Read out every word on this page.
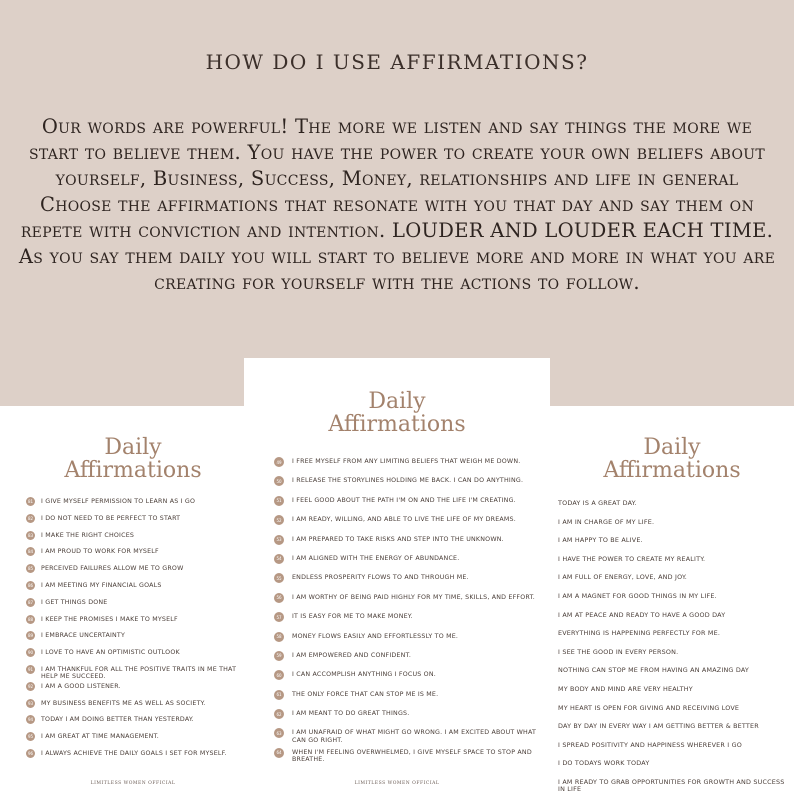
HOW DO I USE AFFIRMATIONS?
Our words are powerful! The more we listen and say things the more we start to believe them. You have the power to create your own beliefs about yourself, Business, Success, Money, relationships and life in general Choose the affirmations that resonate with you that day and say them on repete with conviction and intention. LOUDER AND LOUDER EACH TIME. As you say them daily you will start to believe more and more in what you are creating for yourself with the actions to follow.
Daily
Affirmations
81	I GIVE MYSELF PERMISSION TO LEARN AS I GO
82	I DO NOT NEED TO BE PERFECT TO START
83	I MAKE THE RIGHT CHOICES
84	I AM PROUD TO WORK FOR MYSELF
85	PERCEIVED FAILURES ALLOW ME TO GROW
86	I AM MEETING MY FINANCIAL GOALS
87	I GET THINGS DONE
88	I KEEP THE PROMISES I MAKE TO MYSELF
89	I EMBRACE UNCERTAINTY
90	I LOVE TO HAVE AN OPTIMISTIC OUTLOOK
91	I AM THANKFUL FOR ALL THE POSITIVE TRAITS IN ME THAT HELP ME SUCCEED.
92	I AM A GOOD LISTENER.
93	MY BUSINESS BENEFITS ME AS WELL AS SOCIETY.
94	TODAY I AM DOING BETTER THAN YESTERDAY.
95	I AM GREAT AT TIME MANAGEMENT.
96	I ALWAYS ACHIEVE THE DAILY GOALS I SET FOR MYSELF.
LIMITLESS WOMEN OFFICIAL
Daily
Affirmations
49	I FREE MYSELF FROM ANY LIMITING BELIEFS THAT WEIGH ME DOWN.
50	I RELEASE THE STORYLINES HOLDING ME BACK. I CAN DO ANYTHING.
51	I FEEL GOOD ABOUT THE PATH I'M ON AND THE LIFE I'M CREATING.
52	I AM READY, WILLING, AND ABLE TO LIVE THE LIFE OF MY DREAMS.
53	I AM PREPARED TO TAKE RISKS AND STEP INTO THE UNKNOWN.
54	I AM ALIGNED WITH THE ENERGY OF ABUNDANCE.
55	ENDLESS PROSPERITY FLOWS TO AND THROUGH ME.
56	I AM WORTHY OF BEING PAID HIGHLY FOR MY TIME, SKILLS, AND EFFORT.
57	IT IS EASY FOR ME TO MAKE MONEY.
58	MONEY FLOWS EASILY AND EFFORTLESSLY TO ME.
59	I AM EMPOWERED AND CONFIDENT.
60	I CAN ACCOMPLISH ANYTHING I FOCUS ON.
61	THE ONLY FORCE THAT CAN STOP ME IS ME.
62	I AM MEANT TO DO GREAT THINGS.
63	I AM UNAFRAID OF WHAT MIGHT GO WRONG. I AM EXCITED ABOUT WHAT CAN GO RIGHT.
64	WHEN I'M FEELING OVERWHELMED, I GIVE MYSELF SPACE TO STOP AND BREATHE.
LIMITLESS WOMEN OFFICIAL
Daily
Affirmations
TODAY IS A GREAT DAY.
I AM IN CHARGE OF MY LIFE.
I AM HAPPY TO BE ALIVE.
I HAVE THE POWER TO CREATE MY REALITY.
I AM FULL OF ENERGY, LOVE, AND JOY.
I AM A MAGNET FOR GOOD THINGS IN MY LIFE.
I AM AT PEACE AND READY TO HAVE A GOOD DAY
EVERYTHING IS HAPPENING PERFECTLY FOR ME.
I SEE THE GOOD IN EVERY PERSON.
NOTHING CAN STOP ME FROM HAVING AN AMAZING DAY
MY BODY AND MIND ARE VERY HEALTHY
MY HEART IS OPEN FOR GIVING AND RECEIVING LOVE
DAY BY DAY IN EVERY WAY I AM GETTING BETTER & BETTER
I SPREAD POSITIVITY AND HAPPINESS WHEREVER I GO
I DO TODAYS WORK TODAY
I AM READY TO GRAB OPPORTUNITIES FOR GROWTH AND SUCCESS IN LIFE
